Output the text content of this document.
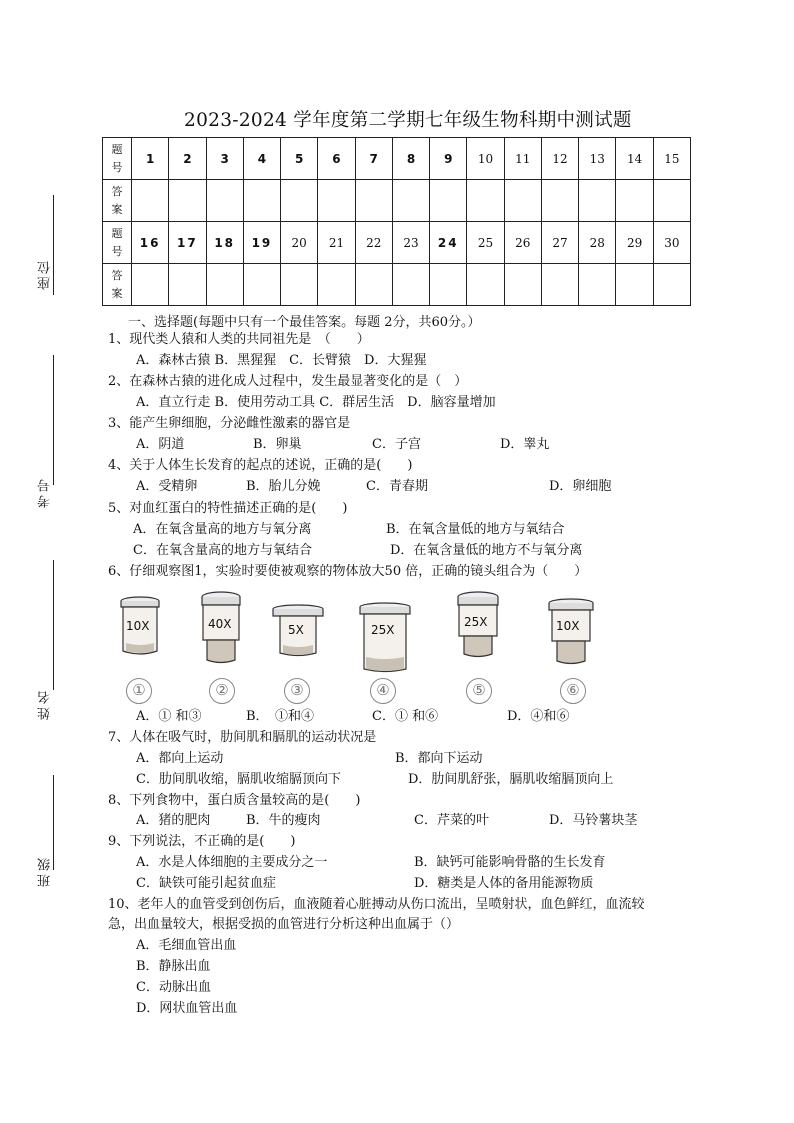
2023-2024 学年度第二学期七年级生物科期中测试题
座位
考号
姓名
班级
题号	1	2	3	4	5	6	7	8	9	10	11	12	13	14	15
答案															
题号	16	17	18	19	20	21	22	23	24	25	26	27	28	29	30
答案															
一、选择题(每题中只有一个最佳答案。每题 2分，共60分。）
1、现代类人猿和人类的共同祖先是　（　　）
A．森林古猿 B．黑猩猩　C．长臂猿　D．大猩猩
2、在森林古猿的进化成人过程中，发生最显著变化的是（　）
A．直立行走 B．使用劳动工具 C．群居生活　D．脑容量增加
3、能产生卵细胞，分泌雌性激素的器官是
A．阴道	B．卵巢	C．子宫	D．睾丸
4、关于人体生长发育的起点的述说，正确的是(　　)
A．受精卵	B．胎儿分娩	C．青春期	D．卵细胞
5、对血红蛋白的特性描述正确的是(　　)
A．在氧含量高的地方与氧分离	B．在氧含量低的地方与氧结合
C．在氧含量高的地方与氧结合	D．在氧含量低的地方不与氧分离
6、仔细观察图1，实验时要使被观察的物体放大50 倍，正确的镜头组合为（　　）
10X
①
40X
②
5X
③
25X
④
25X
⑤
10X
⑥
A．① 和③	B．　①和④	C．① 和⑥	D．④和⑥
7、人体在吸气时，肋间肌和膈肌的运动状况是
A．都向上运动	B．都向下运动
C．肋间肌收缩，膈肌收缩膈顶向下	D．肋间肌舒张，膈肌收缩膈顶向上
8、下列食物中，蛋白质含量较高的是(　　)
A．猪的肥肉	B．牛的瘦肉	C．芹菜的叶	D．马铃薯块茎
9、下列说法，不正确的是(　　)
A．水是人体细胞的主要成分之一	B．缺钙可能影响骨骼的生长发育
C．缺铁可能引起贫血症	D．糖类是人体的备用能源物质
10、老年人的血管受到创伤后，血液随着心脏搏动从伤口流出，呈喷射状，血色鲜红，血流较
急，出血量较大，根据受损的血管进行分析这种出血属于（）
A．毛细血管出血
B．静脉出血
C．动脉出血
D．网状血管出血
